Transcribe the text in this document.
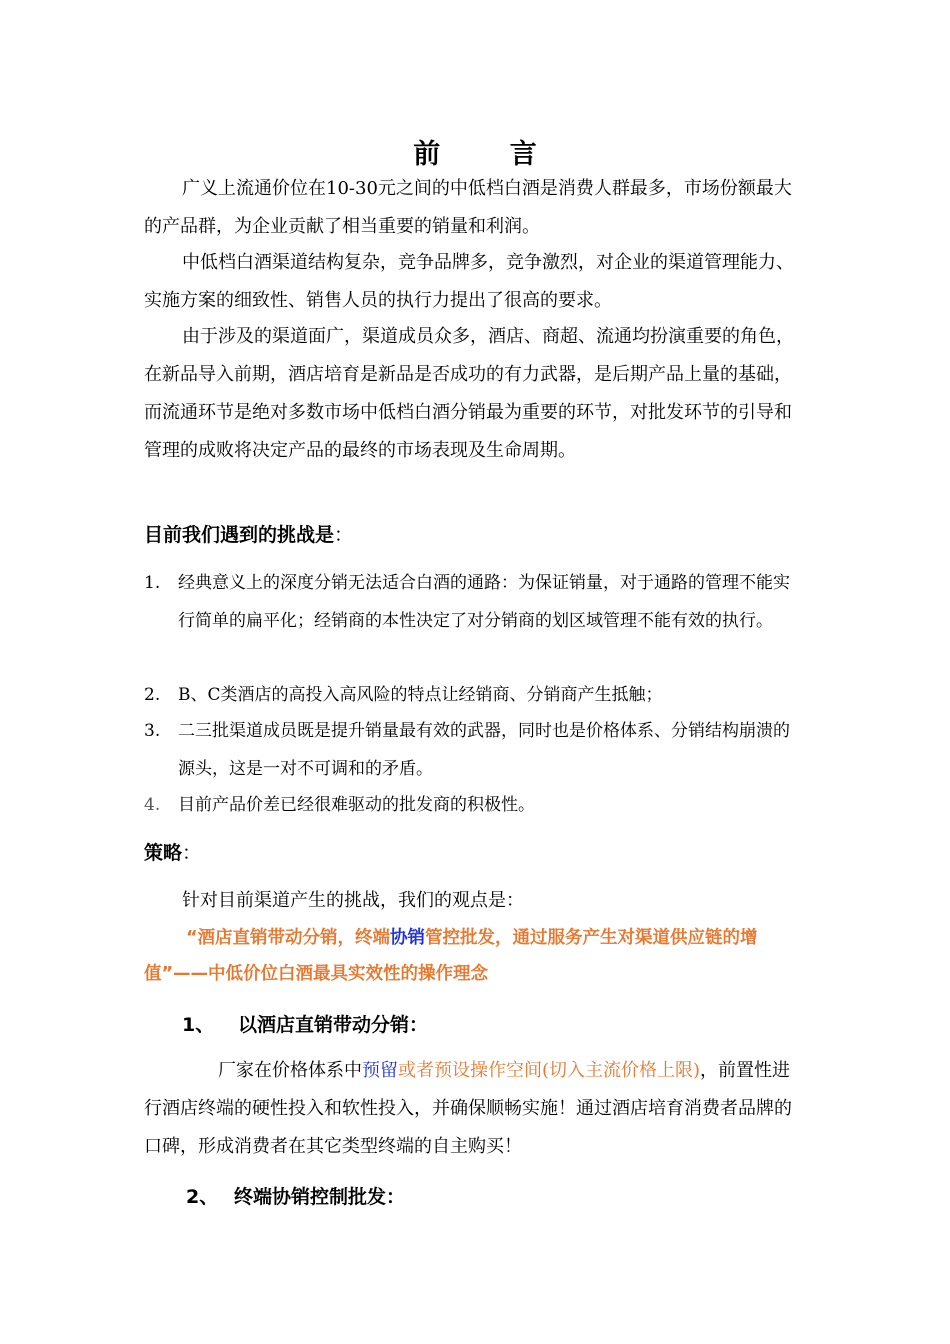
前 言

广义上流通价位在10-30元之间的中低档白酒是消费人群最多，市场份额最大的产品群，为企业贡献了相当重要的销量和利润。

中低档白酒渠道结构复杂，竞争品牌多，竞争激烈，对企业的渠道管理能力、实施方案的细致性、销售人员的执行力提出了很高的要求。

由于涉及的渠道面广，渠道成员众多，酒店、商超、流通均扮演重要的角色，在新品导入前期，酒店培育是新品是否成功的有力武器，是后期产品上量的基础，而流通环节是绝对多数市场中低档白酒分销最为重要的环节，对批发环节的引导和管理的成败将决定产品的最终的市场表现及生命周期。

目前我们遇到的挑战是：
1.	经典意义上的深度分销无法适合白酒的通路：为保证销量，对于通路的管理不能实行简单的扁平化；经销商的本性决定了对分销商的划区域管理不能有效的执行。
2.	B、C类酒店的高投入高风险的特点让经销商、分销商产生抵触；
3.	二三批渠道成员既是提升销量最有效的武器，同时也是价格体系、分销结构崩溃的源头，这是一对不可调和的矛盾。
4.	目前产品价差已经很难驱动的批发商的积极性。
策略：

针对目前渠道产生的挑战，我们的观点是：

“酒店直销带动分销，终端协销管控批发，通过服务产生对渠道供应链的增值”——中低价位白酒最具实效性的操作理念

1、 以酒店直销带动分销：

厂家在价格体系中预留或者预设操作空间(切入主流价格上限)，前置性进行酒店终端的硬性投入和软性投入，并确保顺畅实施！通过酒店培育消费者品牌的口碑，形成消费者在其它类型终端的自主购买！

2、 终端协销控制批发：
